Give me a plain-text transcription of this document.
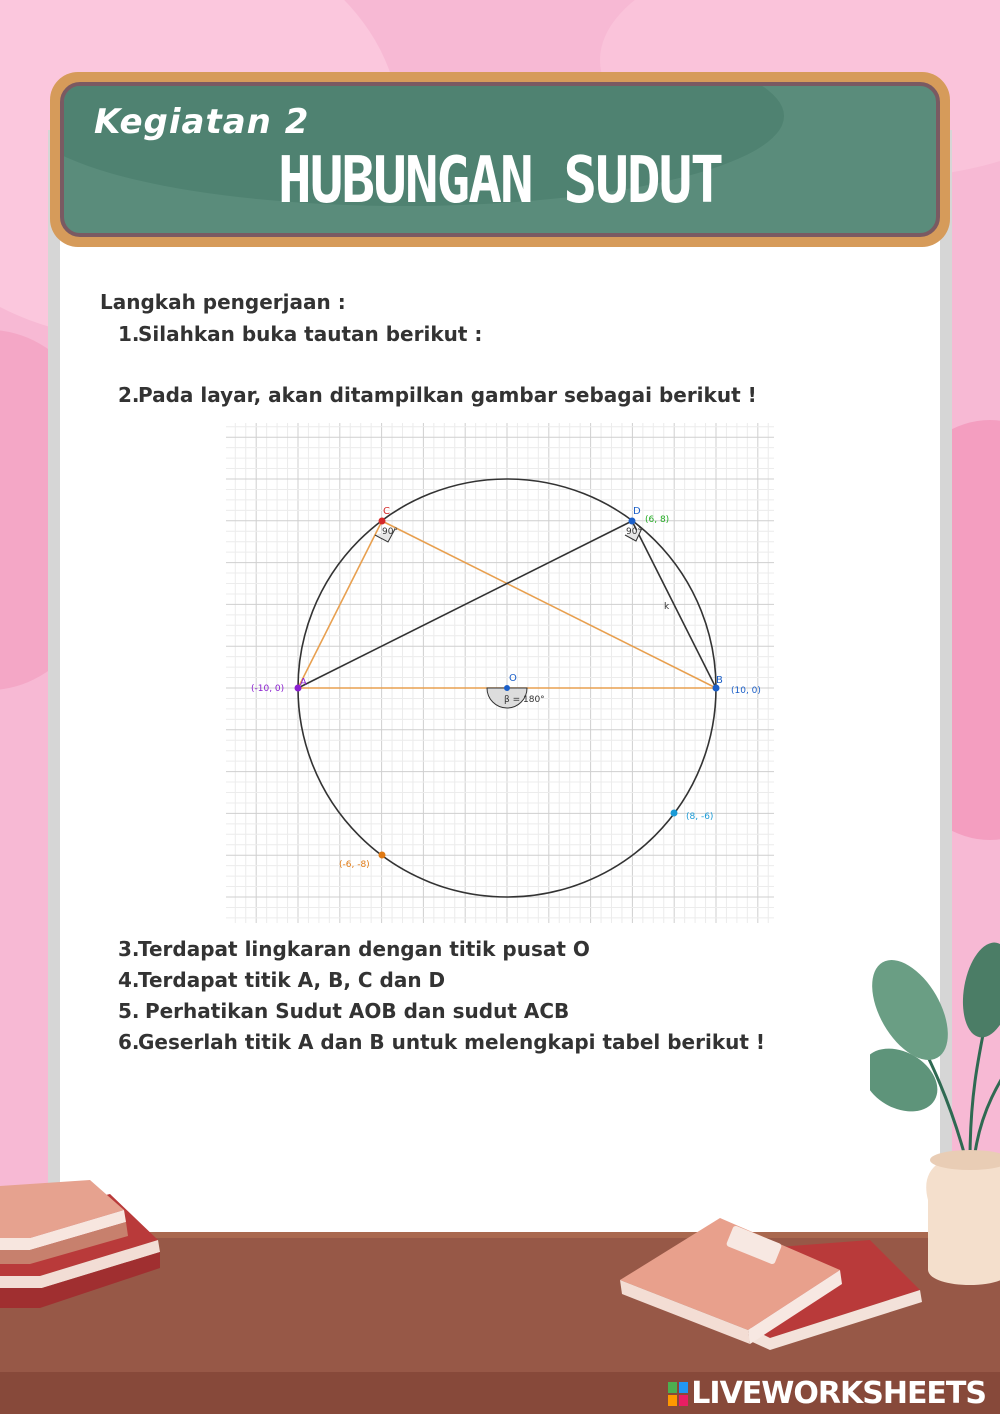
Kegiatan 2
HUBUNGAN SUDUT
Langkah pengerjaan :
1.Silahkan buka tautan berikut :
2.Pada layar, akan ditampilkan gambar sebagai berikut !
3.Terdapat lingkaran dengan titik pusat O
4.Terdapat titik A, B, C dan D
5. Perhatikan Sudut AOB dan sudut ACB
6.Geserlah titik A dan B untuk melengkapi tabel berikut !
A
(-10, 0)
B
(10, 0)
C	D
(6, 8)
O
(8, -6)
(-6, -8)
90°	90°
β = 180°
k
LIVEWORKSHEETS
